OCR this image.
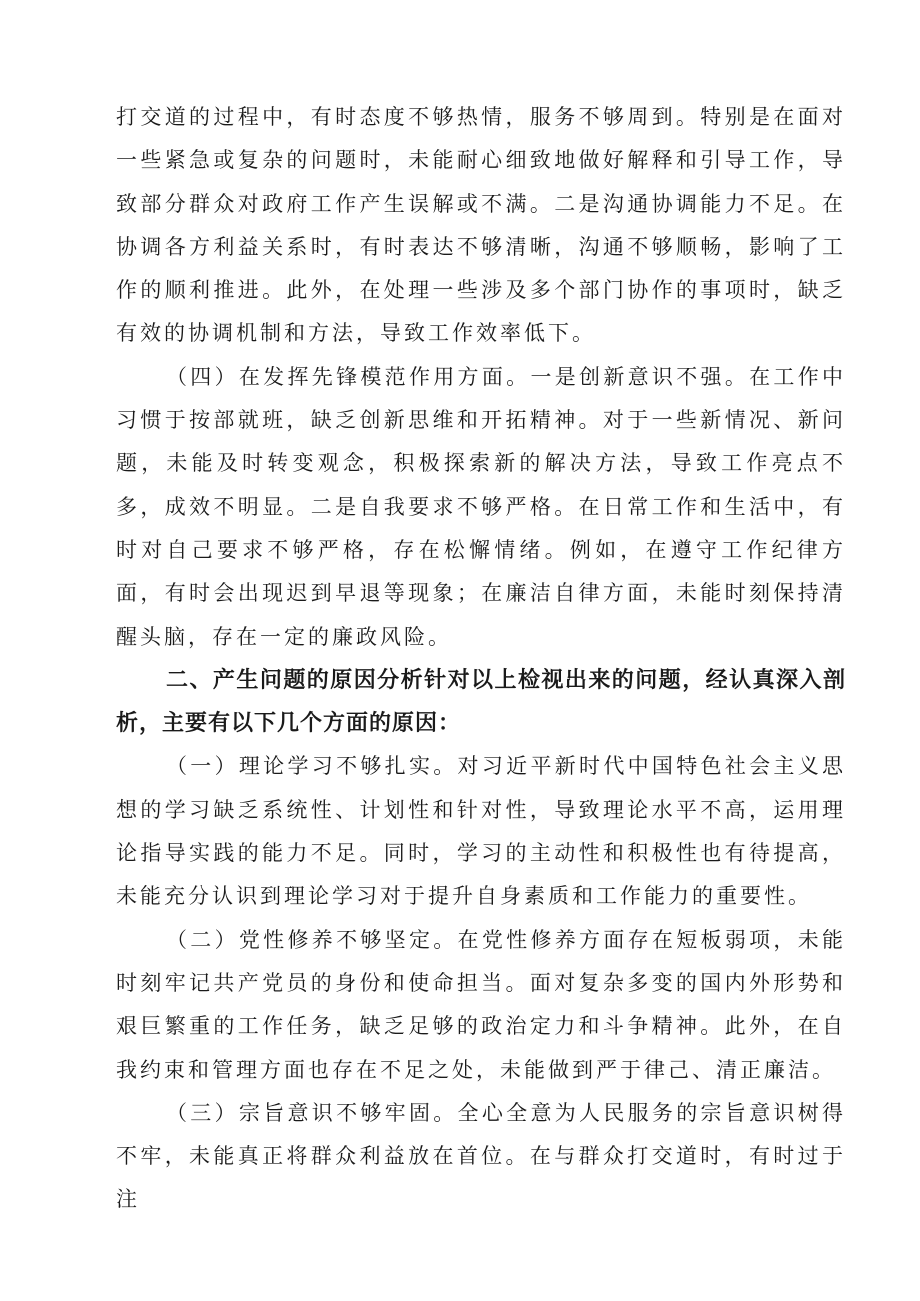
打交道的过程中，有时态度不够热情，服务不够周到。特别是在面对一些紧急或复杂的问题时，未能耐心细致地做好解释和引导工作，导致部分群众对政府工作产生误解或不满。二是沟通协调能力不足。在协调各方利益关系时，有时表达不够清晰，沟通不够顺畅，影响了工作的顺利推进。此外，在处理一些涉及多个部门协作的事项时，缺乏有效的协调机制和方法，导致工作效率低下。

（四）在发挥先锋模范作用方面。一是创新意识不强。在工作中习惯于按部就班，缺乏创新思维和开拓精神。对于一些新情况、新问题，未能及时转变观念，积极探索新的解决方法，导致工作亮点不多，成效不明显。二是自我要求不够严格。在日常工作和生活中，有时对自己要求不够严格，存在松懈情绪。例如，在遵守工作纪律方面，有时会出现迟到早退等现象；在廉洁自律方面，未能时刻保持清醒头脑，存在一定的廉政风险。

二、产生问题的原因分析针对以上检视出来的问题，经认真深入剖析，主要有以下几个方面的原因：

（一）理论学习不够扎实。对习近平新时代中国特色社会主义思想的学习缺乏系统性、计划性和针对性，导致理论水平不高，运用理论指导实践的能力不足。同时，学习的主动性和积极性也有待提高，未能充分认识到理论学习对于提升自身素质和工作能力的重要性。

（二）党性修养不够坚定。在党性修养方面存在短板弱项，未能时刻牢记共产党员的身份和使命担当。面对复杂多变的国内外形势和艰巨繁重的工作任务，缺乏足够的政治定力和斗争精神。此外，在自我约束和管理方面也存在不足之处，未能做到严于律己、清正廉洁。

（三）宗旨意识不够牢固。全心全意为人民服务的宗旨意识树得不牢，未能真正将群众利益放在首位。在与群众打交道时，有时过于注
